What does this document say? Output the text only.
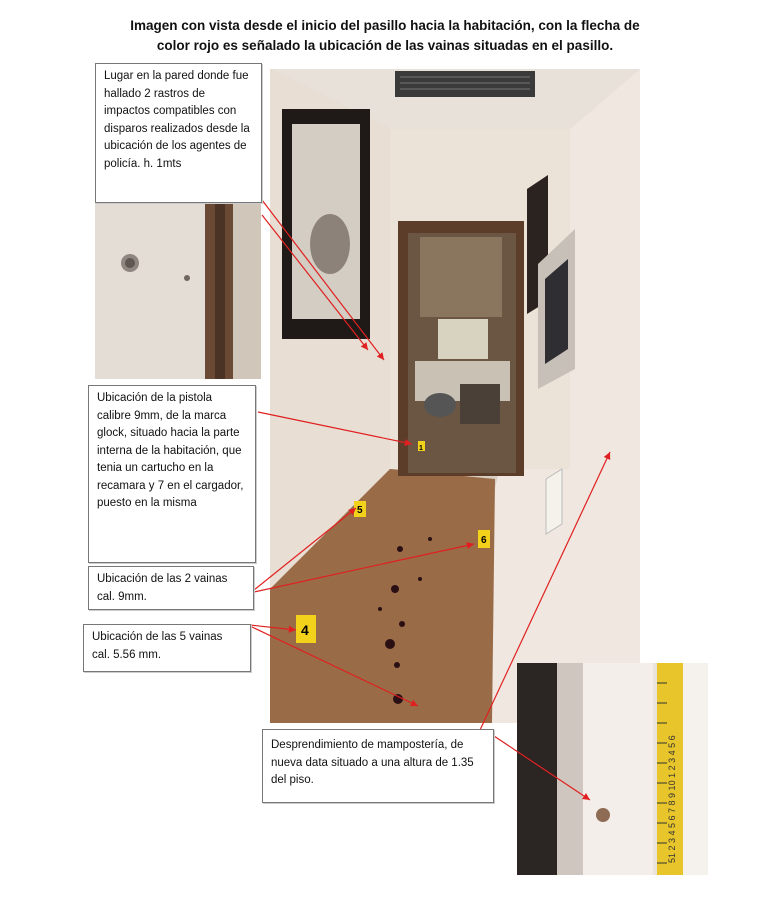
Imagen con vista desde el inicio del pasillo hacia la habitación, con la flecha de
color rojo es señalado la ubicación de las vainas situadas en el pasillo.
4
5
6
1
51 2 3 4 5 6 7 8 9 10 1 2 3 4 5 6
Lugar en la pared donde fue hallado 2 rastros de impactos compatibles con disparos realizados desde la ubicación de los agentes de policía. h. 1mts
Ubicación de la pistola calibre 9mm, de la marca glock, situado hacia la parte interna de la habitación, que tenia un cartucho en la recamara y 7 en el cargador, puesto en la misma
Ubicación de las 2 vainas cal. 9mm.
Ubicación de las 5 vainas cal. 5.56 mm.
Desprendimiento de mampostería, de nueva data situado a una altura de 1.35 del piso.
